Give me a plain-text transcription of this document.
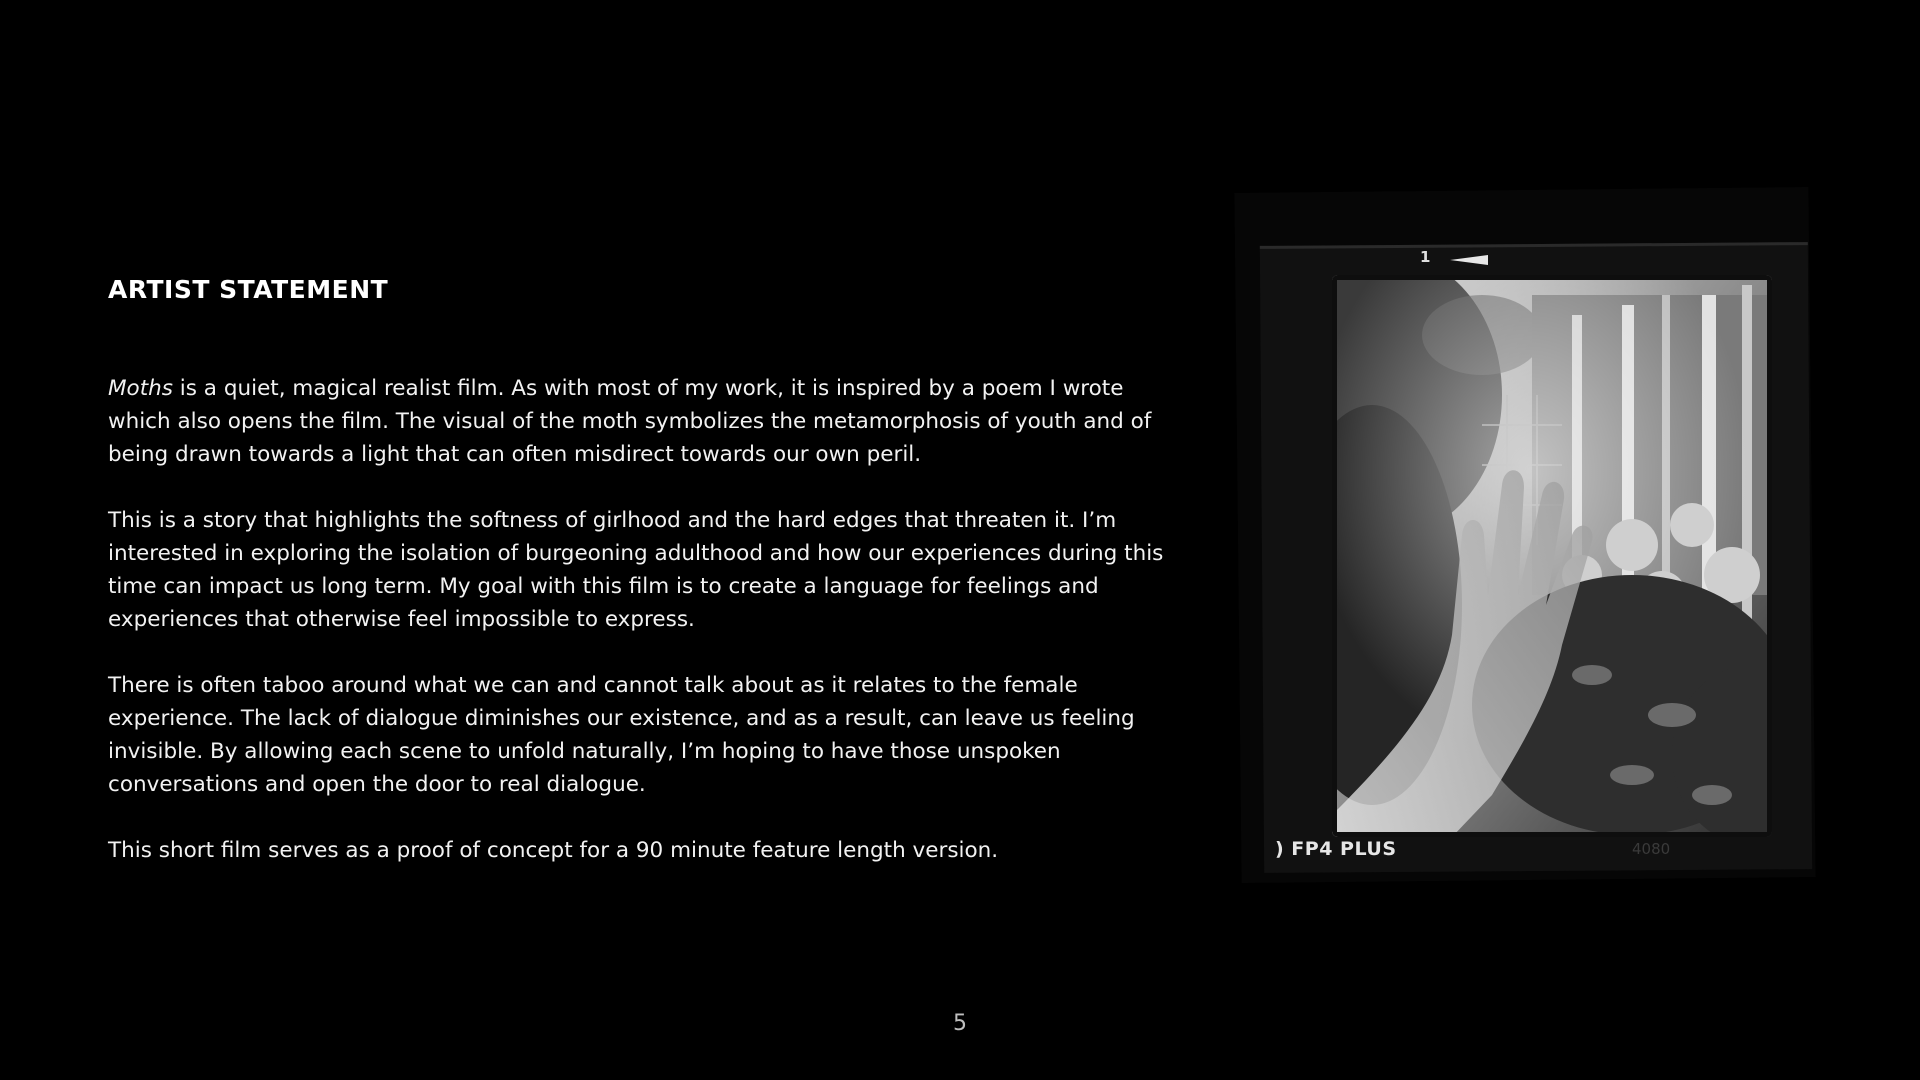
ARTIST STATEMENT

Moths is a quiet, magical realist film. As with most of my work, it is inspired by a poem I wrote which also opens the film. The visual of the moth symbolizes the metamorphosis of youth and of being drawn towards a light that can often misdirect towards our own peril.

This is a story that highlights the softness of girlhood and the hard edges that threaten it. I’m interested in exploring the isolation of burgeoning adulthood and how our experiences during this time can impact us long term. My goal with this film is to create a language for feelings and experiences that otherwise feel impossible to express.

There is often taboo around what we can and cannot talk about as it relates to the female experience. The lack of dialogue diminishes our existence, and as a result, can leave us feeling invisible. By allowing each scene to unfold naturally, I’m hoping to have those unspoken conversations and open the door to real dialogue.

This short film serves as a proof of concept for a 90 minute feature length version.

1
) FP4 PLUS	4080
5
